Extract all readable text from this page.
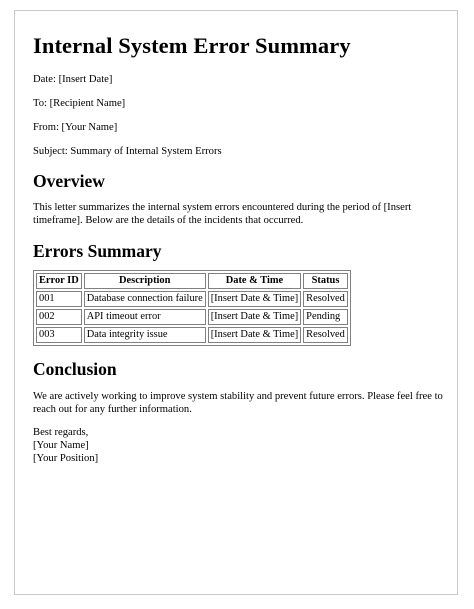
Internal System Error Summary

Date: [Insert Date]

To: [Recipient Name]

From: [Your Name]

Subject: Summary of Internal System Errors

Overview

This letter summarizes the internal system errors encountered during the period of [Insert timeframe]. Below are the details of the incidents that occurred.

Errors Summary
Error ID	Description	Date & Time	Status
001	Database connection failure	[Insert Date & Time]	Resolved
002	API timeout error	[Insert Date & Time]	Pending
003	Data integrity issue	[Insert Date & Time]	Resolved
Conclusion

We are actively working to improve system stability and prevent future errors. Please feel free to reach out for any further information.

Best regards,
[Your Name]
[Your Position]
